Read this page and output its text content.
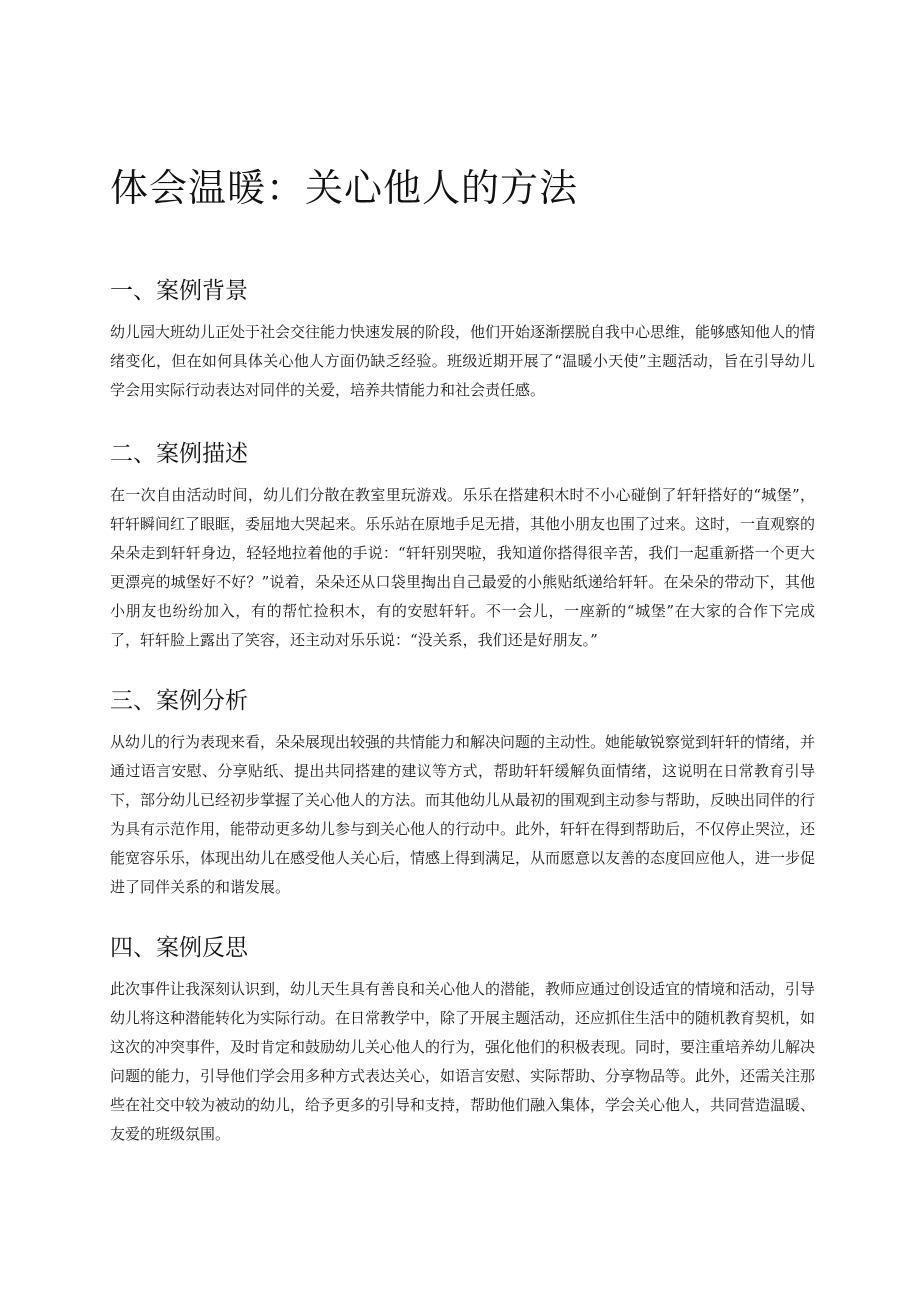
体会温暖：关心他人的方法
一、案例背景

幼儿园大班幼儿正处于社会交往能力快速发展的阶段，他们开始逐渐摆脱自我中心思维，能够感知他人的情绪变化，但在如何具体关心他人方面仍缺乏经验。班级近期开展了“温暖小天使”主题活动，旨在引导幼儿学会用实际行动表达对同伴的关爱，培养共情能力和社会责任感。

二、案例描述

在一次自由活动时间，幼儿们分散在教室里玩游戏。乐乐在搭建积木时不小心碰倒了轩轩搭好的“城堡”，轩轩瞬间红了眼眶，委屈地大哭起来。乐乐站在原地手足无措，其他小朋友也围了过来。这时，一直观察的朵朵走到轩轩身边，轻轻地拉着他的手说：“轩轩别哭啦，我知道你搭得很辛苦，我们一起重新搭一个更大更漂亮的城堡好不好？”说着，朵朵还从口袋里掏出自己最爱的小熊贴纸递给轩轩。在朵朵的带动下，其他小朋友也纷纷加入，有的帮忙捡积木，有的安慰轩轩。不一会儿，一座新的“城堡”在大家的合作下完成了，轩轩脸上露出了笑容，还主动对乐乐说：“没关系，我们还是好朋友。”

三、案例分析

从幼儿的行为表现来看，朵朵展现出较强的共情能力和解决问题的主动性。她能敏锐察觉到轩轩的情绪，并通过语言安慰、分享贴纸、提出共同搭建的建议等方式，帮助轩轩缓解负面情绪，这说明在日常教育引导下，部分幼儿已经初步掌握了关心他人的方法。而其他幼儿从最初的围观到主动参与帮助，反映出同伴的行为具有示范作用，能带动更多幼儿参与到关心他人的行动中。此外，轩轩在得到帮助后，不仅停止哭泣，还能宽容乐乐，体现出幼儿在感受他人关心后，情感上得到满足，从而愿意以友善的态度回应他人，进一步促进了同伴关系的和谐发展。

四、案例反思

此次事件让我深刻认识到，幼儿天生具有善良和关心他人的潜能，教师应通过创设适宜的情境和活动，引导幼儿将这种潜能转化为实际行动。在日常教学中，除了开展主题活动，还应抓住生活中的随机教育契机，如这次的冲突事件，及时肯定和鼓励幼儿关心他人的行为，强化他们的积极表现。同时，要注重培养幼儿解决问题的能力，引导他们学会用多种方式表达关心，如语言安慰、实际帮助、分享物品等。此外，还需关注那些在社交中较为被动的幼儿，给予更多的引导和支持，帮助他们融入集体，学会关心他人，共同营造温暖、友爱的班级氛围。
